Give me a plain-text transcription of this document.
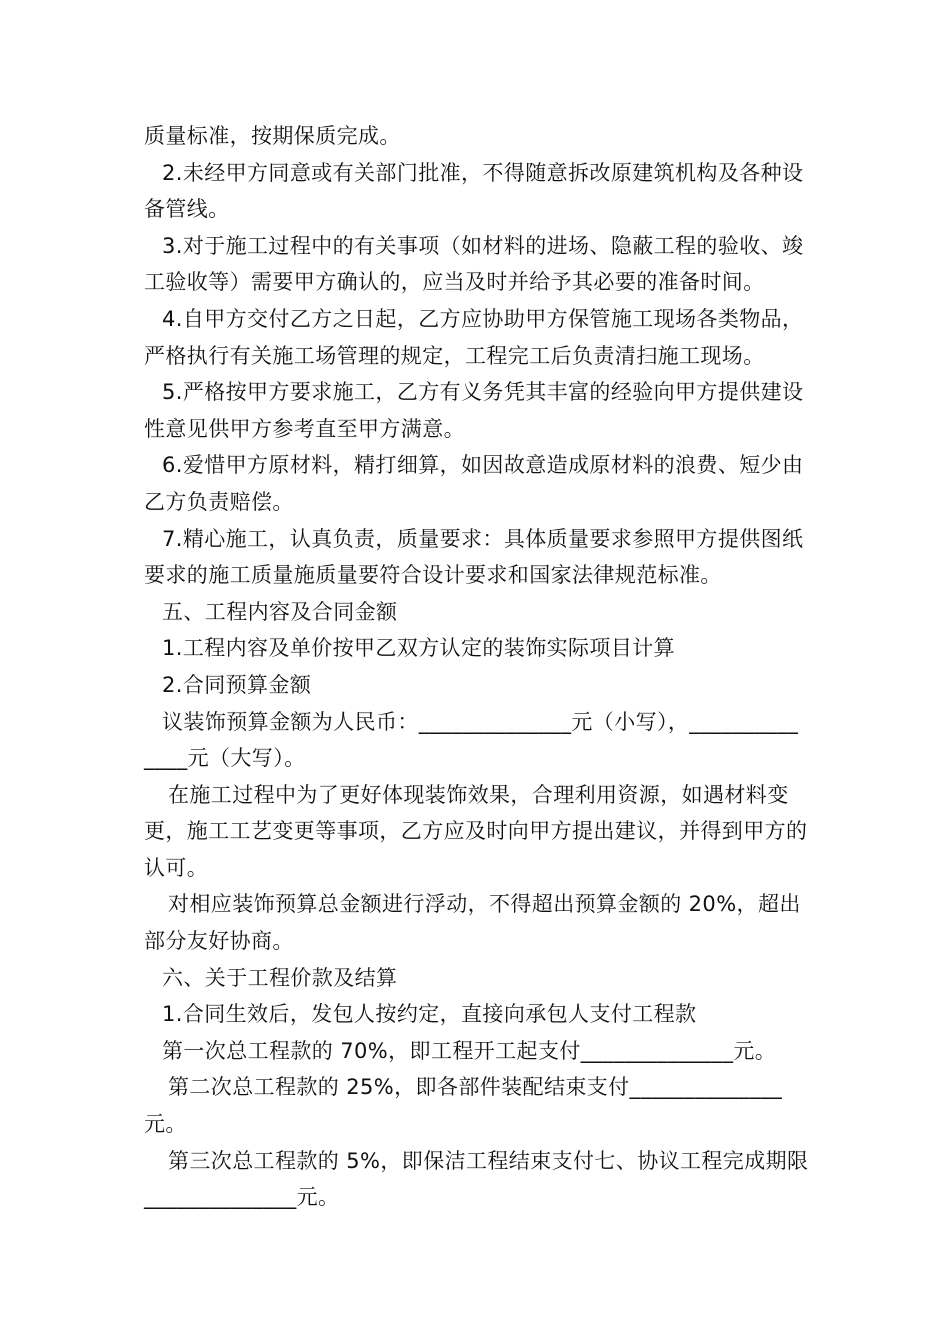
质量标准，按期保质完成。

2.未经甲方同意或有关部门批准，不得随意拆改原建筑机构及各种设备管线。

3.对于施工过程中的有关事项（如材料的进场、隐蔽工程的验收、竣工验收等）需要甲方确认的，应当及时并给予其必要的准备时间。

4.自甲方交付乙方之日起，乙方应协助甲方保管施工现场各类物品，严格执行有关施工场管理的规定，工程完工后负责清扫施工现场。

5.严格按甲方要求施工，乙方有义务凭其丰富的经验向甲方提供建设性意见供甲方参考直至甲方满意。

6.爱惜甲方原材料，精打细算，如因故意造成原材料的浪费、短少由乙方负责赔偿。

7.精心施工，认真负责，质量要求：具体质量要求参照甲方提供图纸要求的施工质量施质量要符合设计要求和国家法律规范标准。

五、工程内容及合同金额

1.工程内容及单价按甲乙双方认定的装饰实际项目计算

2.合同预算金额

议装饰预算金额为人民币：______________元（小写），______________元（大写）。

在施工过程中为了更好体现装饰效果，合理利用资源，如遇材料变更，施工工艺变更等事项，乙方应及时向甲方提出建议，并得到甲方的认可。

对相应装饰预算总金额进行浮动，不得超出预算金额的 20%，超出部分友好协商。

六、关于工程价款及结算

1.合同生效后，发包人按约定，直接向承包人支付工程款

第一次总工程款的 70%，即工程开工起支付______________元。

第二次总工程款的 25%，即各部件装配结束支付______________元。

第三次总工程款的 5%，即保洁工程结束支付七、协议工程完成期限______________元。
